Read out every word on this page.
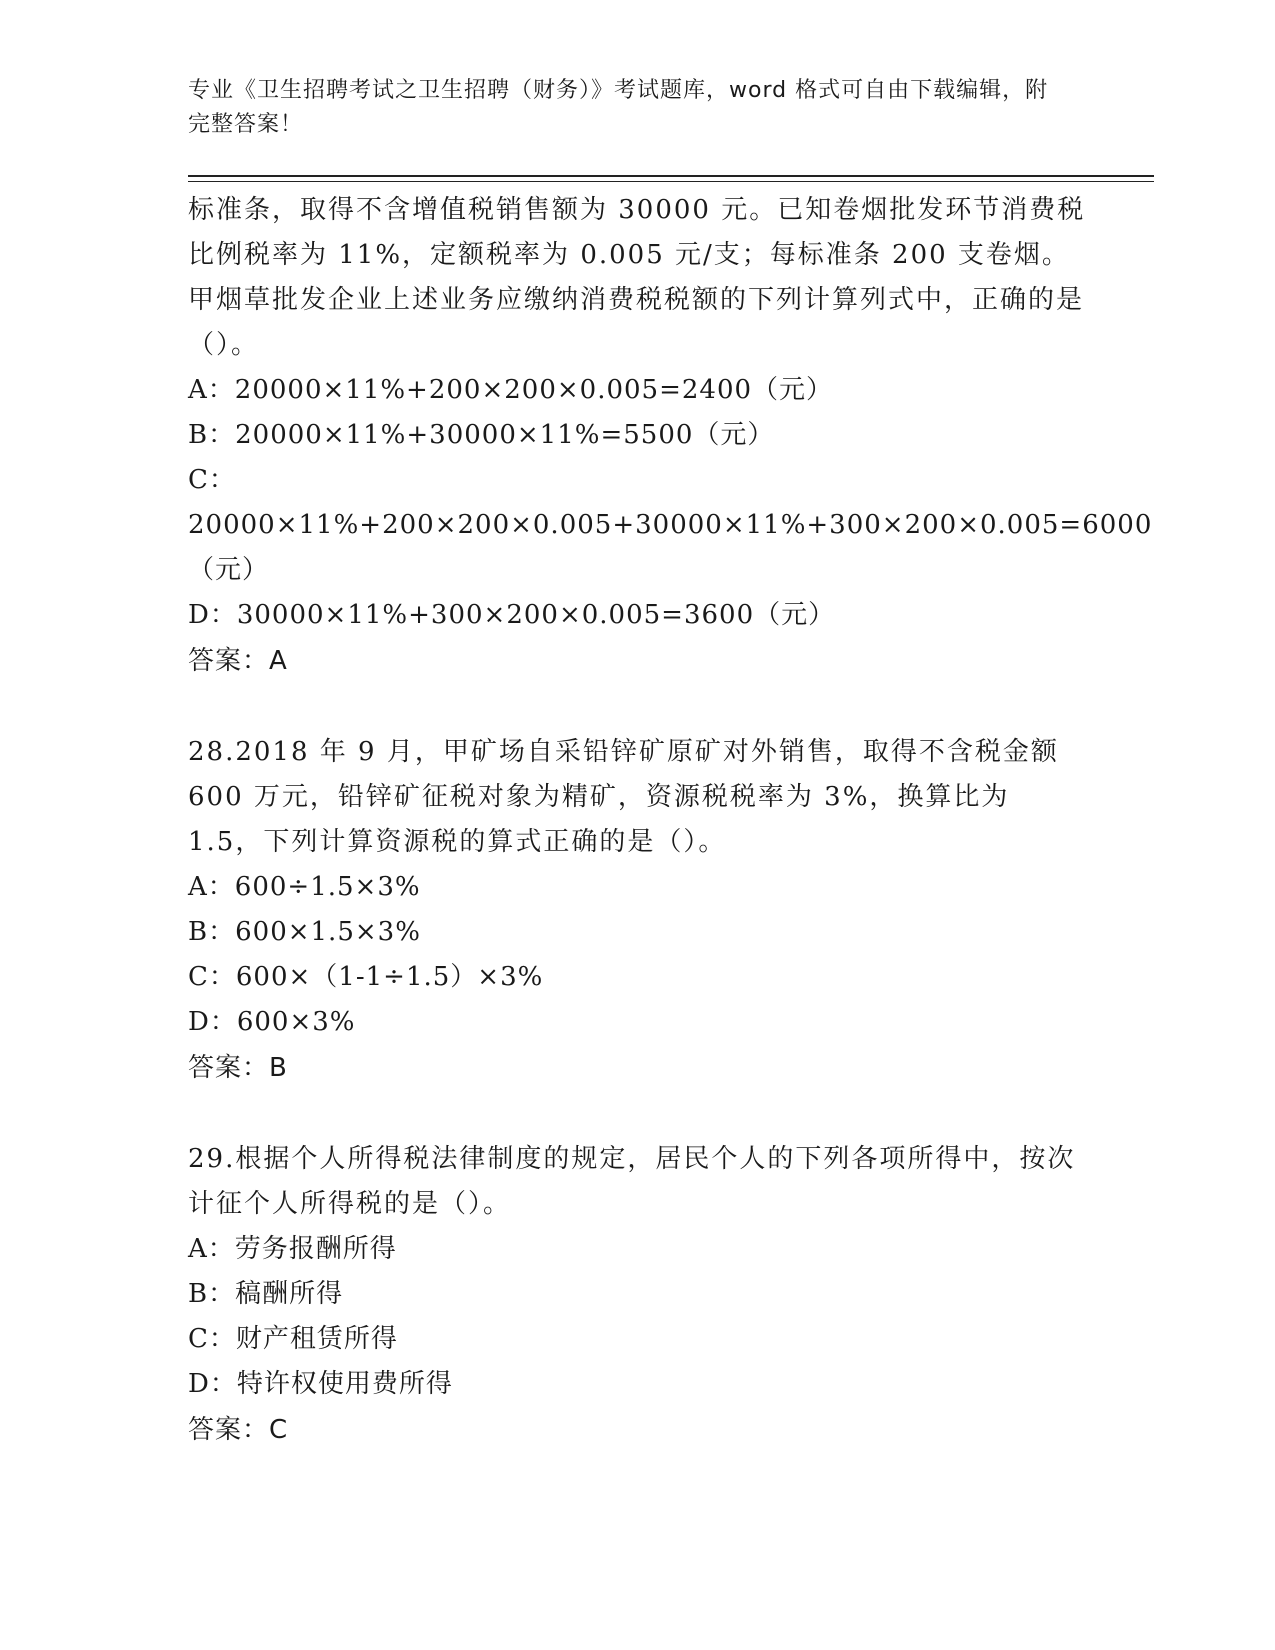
专业《卫生招聘考试之卫生招聘（财务）》考试题库，word 格式可自由下载编辑，附完整答案！

标准条，取得不含增值税销售额为 30000 元。已知卷烟批发环节消费税比例税率为 11%，定额税率为 0.005 元/支；每标准条 200 支卷烟。甲烟草批发企业上述业务应缴纳消费税税额的下列计算列式中，正确的是（）。

A：20000×11%+200×200×0.005=2400（元）

B：20000×11%+30000×11%=5500（元）

C：20000×11%+200×200×0.005+30000×11%+300×200×0.005=6000（元）

D：30000×11%+300×200×0.005=3600（元）

答案：A

28.2018 年 9 月，甲矿场自采铅锌矿原矿对外销售，取得不含税金额 600 万元，铅锌矿征税对象为精矿，资源税税率为 3%，换算比为 1.5，下列计算资源税的算式正确的是（）。

A：600÷1.5×3%

B：600×1.5×3%

C：600×（1-1÷1.5）×3%

D：600×3%

答案：B

29.根据个人所得税法律制度的规定，居民个人的下列各项所得中，按次计征个人所得税的是（）。

A：劳务报酬所得

B：稿酬所得

C：财产租赁所得

D：特许权使用费所得

答案：C
